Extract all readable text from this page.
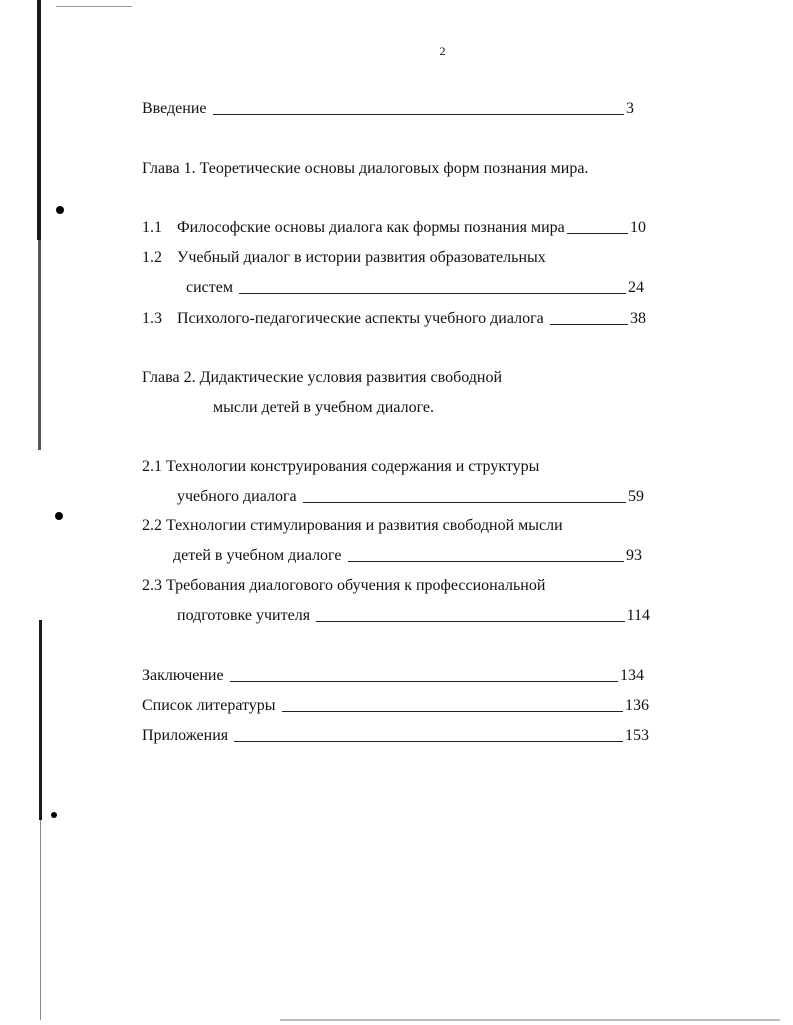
2
Введение	3
Глава 1. Теоретические основы диалоговых форм познания мира.
1.1 Философские основы диалога как формы познания мира	10
1.2 Учебный диалог в истории развития образовательных
систем	24
1.3 Психолого-педагогические аспекты учебного диалога	38
Глава 2. Дидактические условия развития свободной
мысли детей в учебном диалоге.
2.1 Технологии конструирования содержания и структуры
учебного диалога	59
2.2 Технологии стимулирования и развития свободной мысли
детей в учебном диалоге	93
2.3 Требования диалогового обучения к профессиональной
подготовке учителя	114
Заключение	134
Список литературы	136
Приложения	153
